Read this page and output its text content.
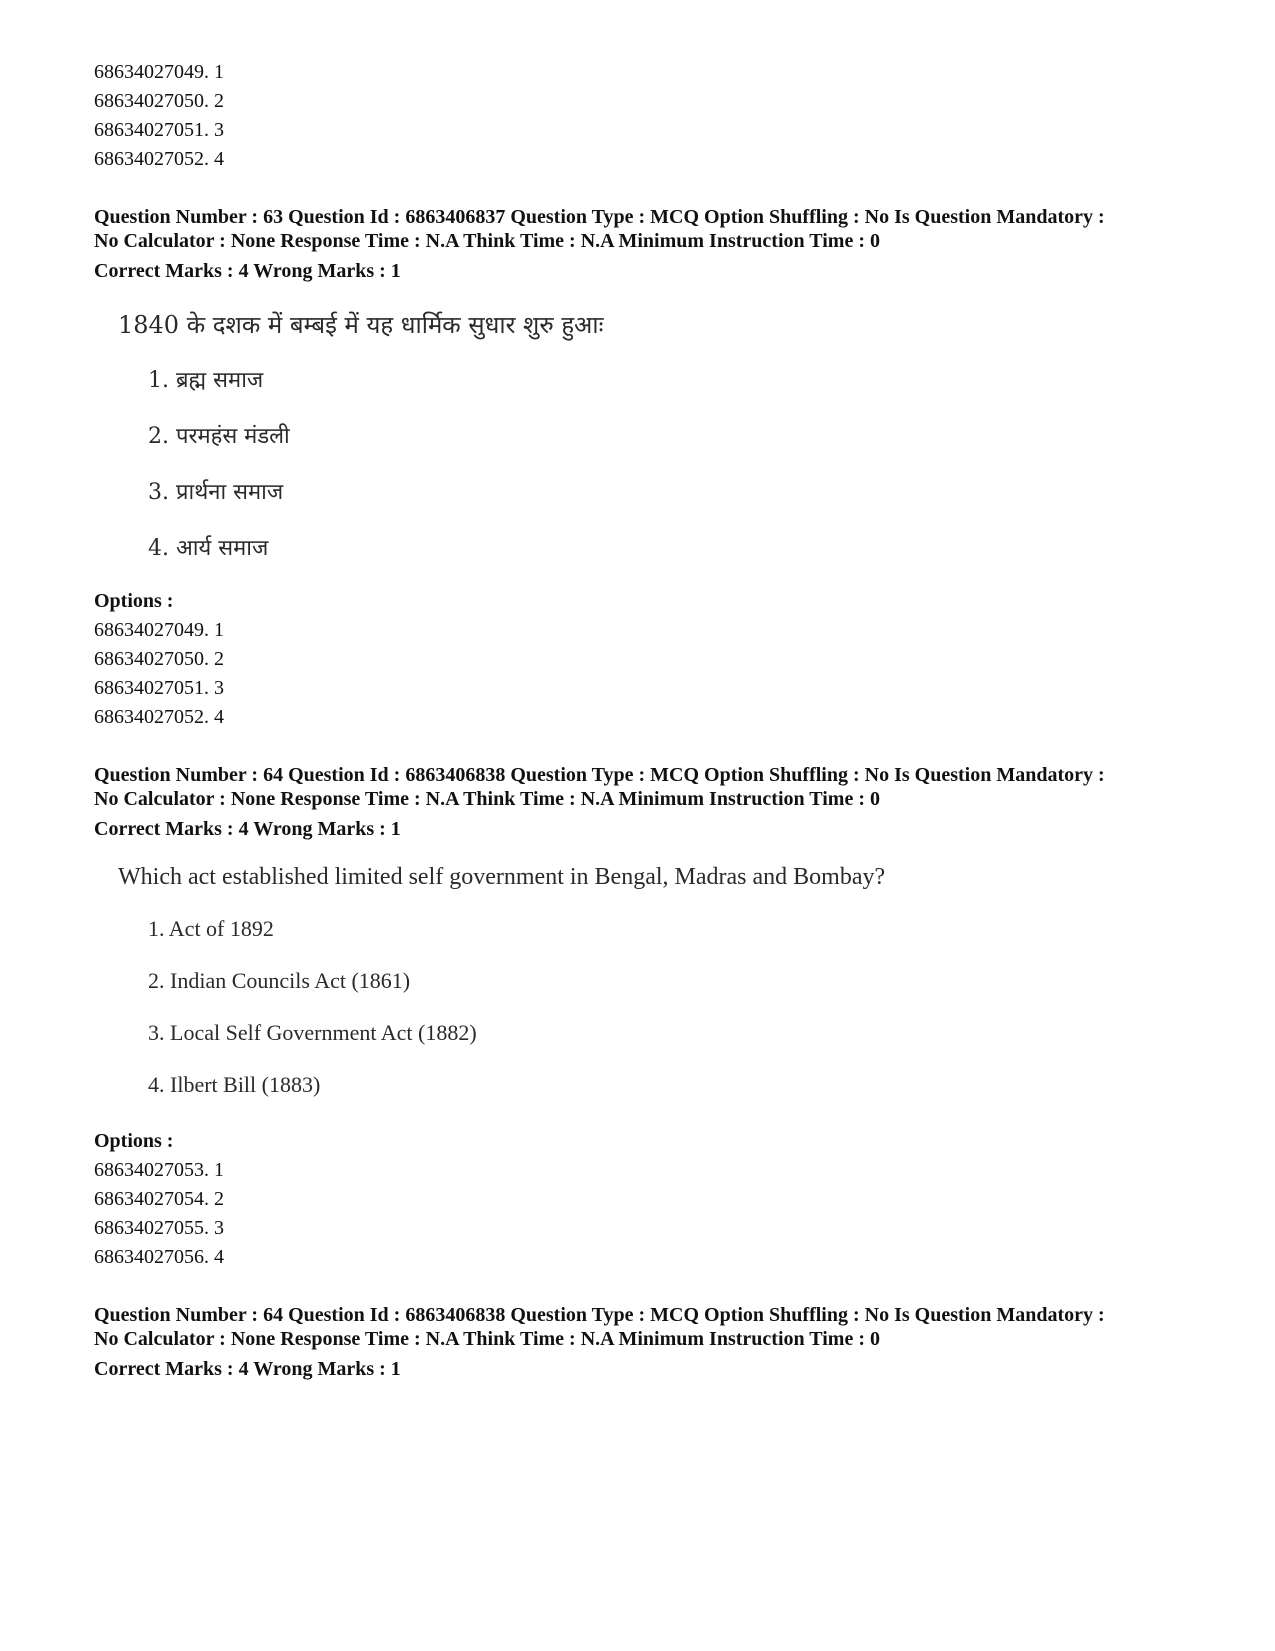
68634027049. 1
68634027050. 2
68634027051. 3
68634027052. 4
Question Number : 63 Question Id : 6863406837 Question Type : MCQ Option Shuffling : No Is Question Mandatory :
No Calculator : None Response Time : N.A Think Time : N.A Minimum Instruction Time : 0
Correct Marks : 4 Wrong Marks : 1
1840 के दशक में बम्बई में यह धार्मिक सुधार शुरु हुआः
1. ब्रह्म समाज
2. परमहंस मंडली
3. प्रार्थना समाज
4. आर्य समाज
Options :
68634027049. 1
68634027050. 2
68634027051. 3
68634027052. 4
Question Number : 64 Question Id : 6863406838 Question Type : MCQ Option Shuffling : No Is Question Mandatory :
No Calculator : None Response Time : N.A Think Time : N.A Minimum Instruction Time : 0
Correct Marks : 4 Wrong Marks : 1
Which act established limited self government in Bengal, Madras and Bombay?
1. Act of 1892
2. Indian Councils Act (1861)
3. Local Self Government Act (1882)
4. Ilbert Bill (1883)
Options :
68634027053. 1
68634027054. 2
68634027055. 3
68634027056. 4
Question Number : 64 Question Id : 6863406838 Question Type : MCQ Option Shuffling : No Is Question Mandatory :
No Calculator : None Response Time : N.A Think Time : N.A Minimum Instruction Time : 0
Correct Marks : 4 Wrong Marks : 1
